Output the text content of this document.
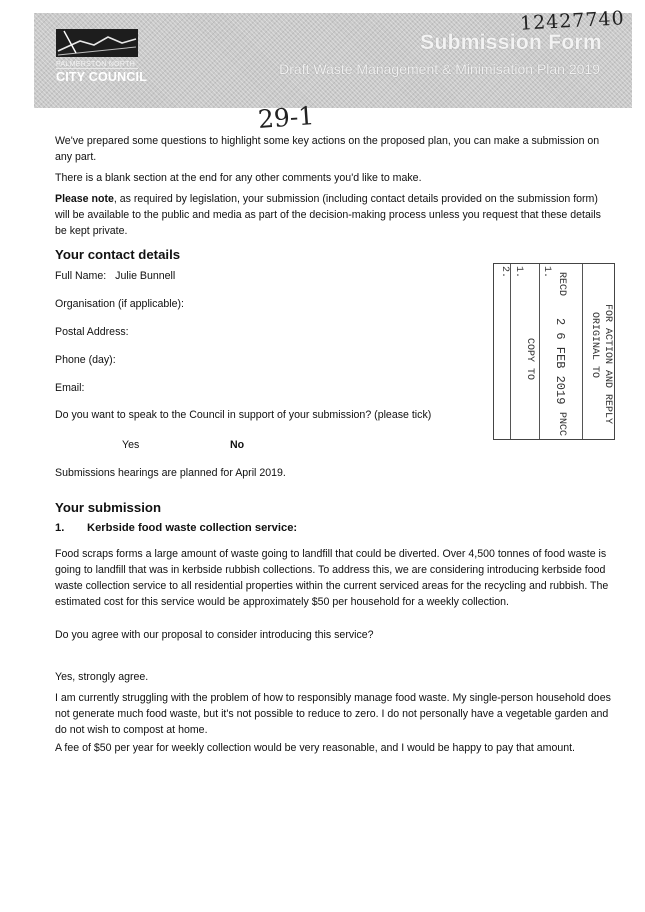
PALMERSTON NORTH
CITY COUNCIL
Submission Form
Draft Waste Management & Minimisation Plan 2019
12427740
29-1
We've prepared some questions to highlight some key actions on the proposed plan, you can make a submission on any part.
There is a blank section at the end for any other comments you'd like to make.
Please note, as required by legislation, your submission (including contact details provided on the submission form) will be available to the public and media as part of the decision-making process unless you request that these details be kept private.
Your contact details
Full Name: Julie Bunnell
Organisation (if applicable):
Postal Address:
Phone (day):
Email:
Do you want to speak to the Council in support of your submission? (please tick)
Yes	No
Submissions hearings are planned for April 2019.
2. 1. 1.
COPY TO
RECD
2 6 FEB 2019
PNCC
ORIGINAL TO FOR ACTION AND REPLY
Your submission
1. Kerbside food waste collection service:
Food scraps forms a large amount of waste going to landfill that could be diverted. Over 4,500 tonnes of food waste is going to landfill that was in kerbside rubbish collections. To address this, we are considering introducing kerbside food waste collection service to all residential properties within the current serviced areas for the recycling and rubbish. The estimated cost for this service would be approximately $50 per household for a weekly collection.
Do you agree with our proposal to consider introducing this service?
Yes, strongly agree.
I am currently struggling with the problem of how to responsibly manage food waste. My single-person household does not generate much food waste, but it's not possible to reduce to zero. I do not personally have a vegetable garden and do not wish to compost at home.
A fee of $50 per year for weekly collection would be very reasonable, and I would be happy to pay that amount.
